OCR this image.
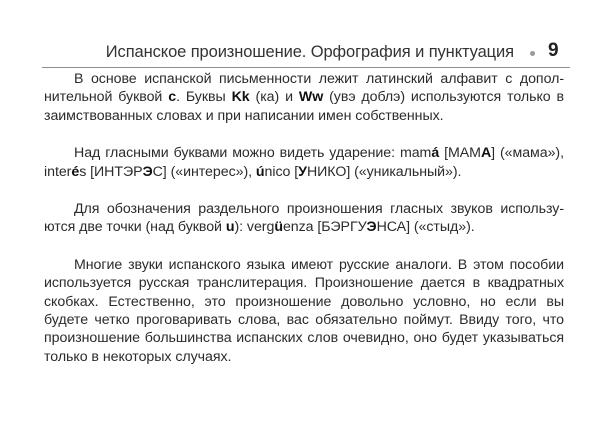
Испанское произношение. Орфография и пунктуация 9

В основе испанской письменности лежит латинский алфавит с допол-нительной буквой с. Буквы Kk (ка) и Ww (увэ доблэ) используются только в заимствованных словах и при написании имен собственных.

Над гласными буквами можно видеть ударение: mamá [МАМА] («мама»), interés [ИНТЭРЭС] («интерес»), único [УНИКО] («уникальный»).

Для обозначения раздельного произношения гласных звуков использу-ются две точки (над буквой u): vergüenza [БЭРГУЭНСА] («стыд»).

Многие звуки испанского языка имеют русские аналоги. В этом пособии используется русская транслитерация. Произношение дается в квадратных скобках. Естественно, это произношение довольно условно, но если вы будете четко проговаривать слова, вас обязательно поймут. Ввиду того, что произношение большинства испанских слов очевидно, оно будет указываться только в некоторых случаях.
